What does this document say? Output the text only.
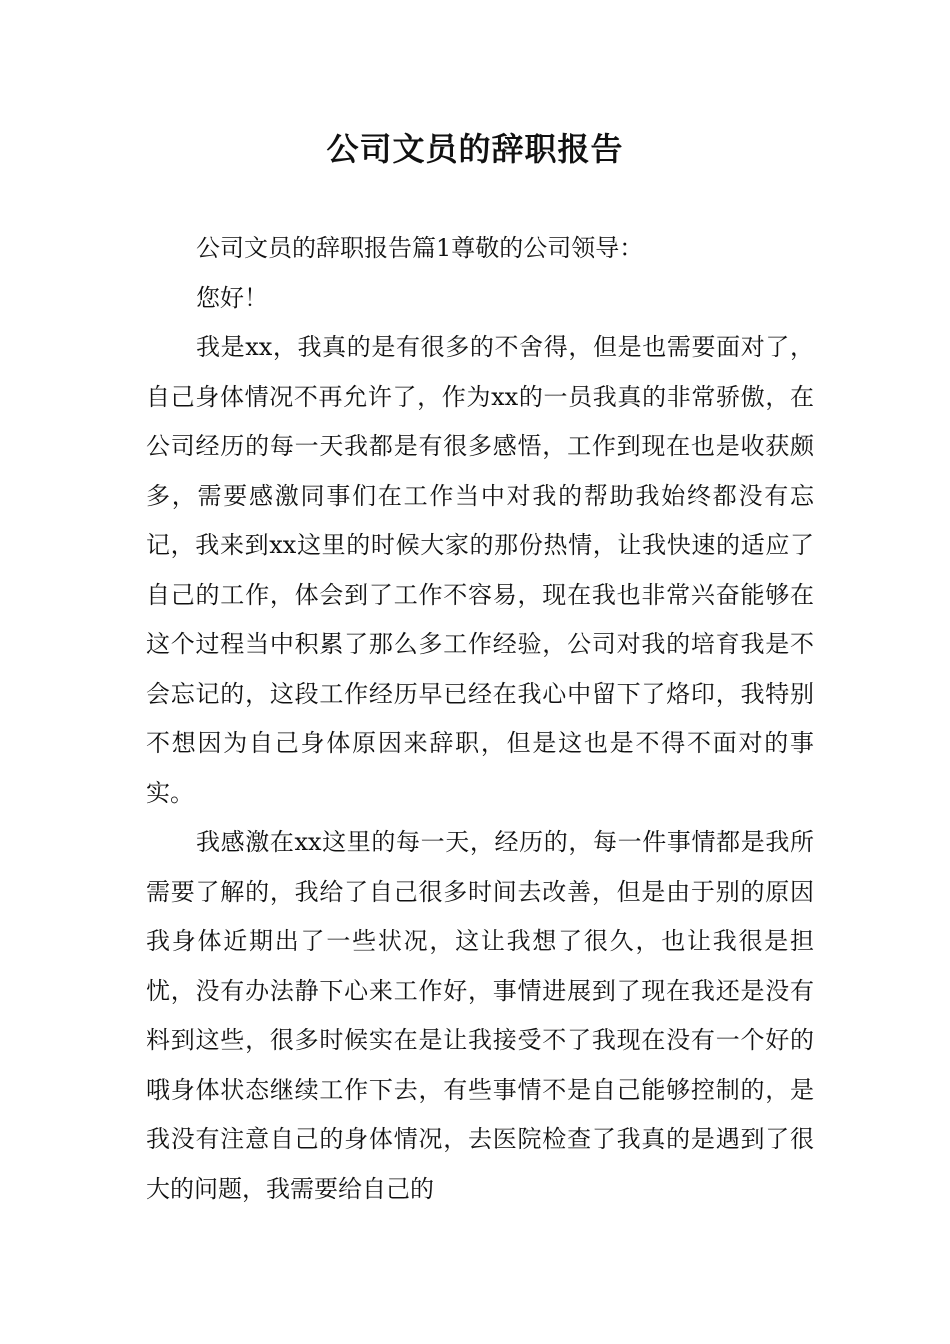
公司文员的辞职报告

公司文员的辞职报告篇1尊敬的公司领导：

您好！

我是xx，我真的是有很多的不舍得，但是也需要面对了，自己身体情况不再允许了，作为xx的一员我真的非常骄傲，在公司经历的每一天我都是有很多感悟，工作到现在也是收获颇多，需要感激同事们在工作当中对我的帮助我始终都没有忘记，我来到xx这里的时候大家的那份热情，让我快速的适应了自己的工作，体会到了工作不容易，现在我也非常兴奋能够在这个过程当中积累了那么多工作经验，公司对我的培育我是不会忘记的，这段工作经历早已经在我心中留下了烙印，我特别不想因为自己身体原因来辞职，但是这也是不得不面对的事实。

我感激在xx这里的每一天，经历的，每一件事情都是我所需要了解的，我给了自己很多时间去改善，但是由于别的原因我身体近期出了一些状况，这让我想了很久，也让我很是担忧，没有办法静下心来工作好，事情进展到了现在我还是没有料到这些，很多时候实在是让我接受不了我现在没有一个好的哦身体状态继续工作下去，有些事情不是自己能够控制的，是我没有注意自己的身体情况，去医院检查了我真的是遇到了很大的问题，我需要给自己的
